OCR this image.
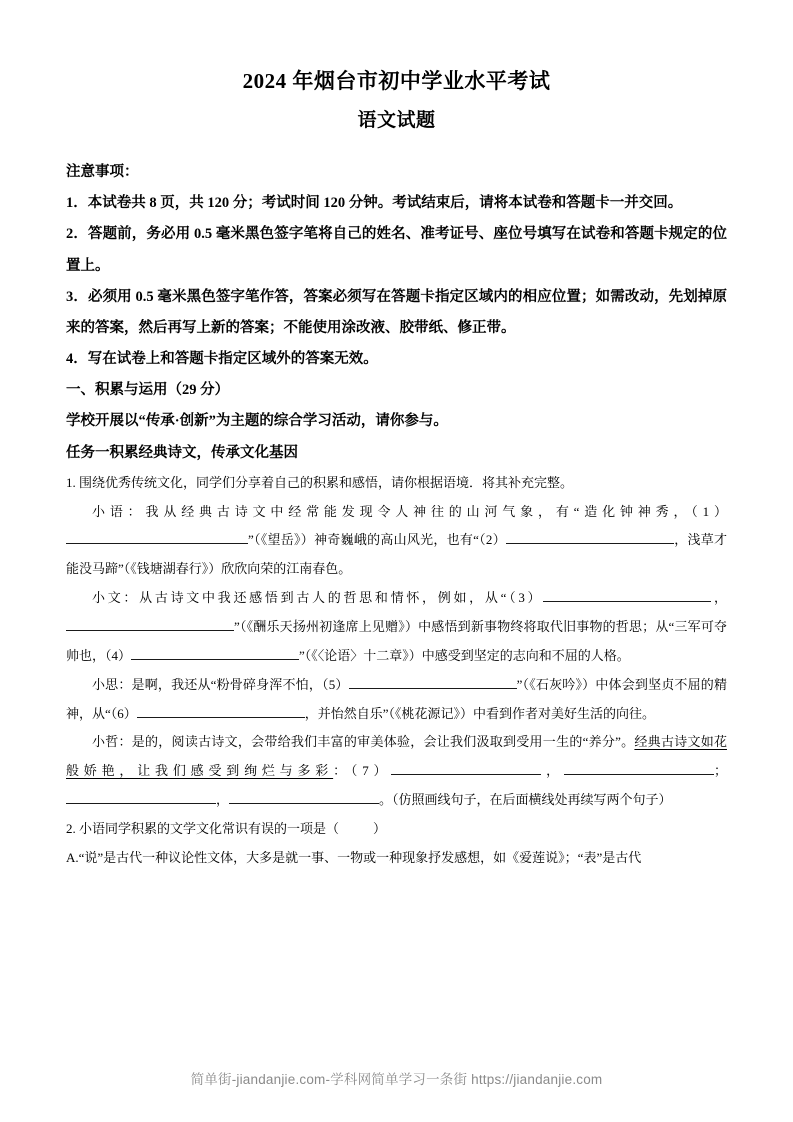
2024 年烟台市初中学业水平考试
语文试题

注意事项：

1．本试卷共 8 页，共 120 分；考试时间 120 分钟。考试结束后，请将本试卷和答题卡一并交回。

2．答题前，务必用 0.5 毫米黑色签字笔将自己的姓名、准考证号、座位号填写在试卷和答题卡规定的位置上。

3．必须用 0.5 毫米黑色签字笔作答，答案必须写在答题卡指定区域内的相应位置；如需改动，先划掉原来的答案，然后再写上新的答案；不能使用涂改液、胶带纸、修正带。

4．写在试卷上和答题卡指定区域外的答案无效。

一、积累与运用（29 分）

学校开展以“传承·创新”为主题的综合学习活动，请你参与。

任务一积累经典诗文，传承文化基因

1. 围绕优秀传统文化，同学们分享着自己的积累和感悟，请你根据语境．将其补充完整。

小语：我从经典古诗文中经常能发现令人神往的山河气象，有“造化钟神秀，（1）”（《望岳》）神奇巍峨的高山风光，也有“（2）	，浅草才能没马蹄”（《钱塘湖春行》）欣欣向荣的江南春色。

小文：从古诗文中我还感悟到古人的哲思和情怀，例如，从“（3）	，”（《酬乐天扬州初逢席上见赠》）中感悟到新事物终将取代旧事物的哲思；从“三军可夺帅也，（4）	”（《〈论语〉十二章》）中感受到坚定的志向和不屈的人格。

小思：是啊，我还从“粉骨碎身浑不怕，（5）	”（《石灰吟》）中体会到坚贞不屈的精神，从“（6）	，并怡然自乐”（《桃花源记》）中看到作者对美好生活的向往。

小哲：是的，阅读古诗文，会带给我们丰富的审美体验，会让我们汲取到受用一生的“养分”。经典古诗文如花般娇艳，让我们感受到绚烂与多彩：（7）	，	；，	。（仿照画线句子，在后面横线处再续写两个句子）

2. 小语同学积累的文学文化常识有误的一项是（	）

A.“说”是古代一种议论性文体，大多是就一事、一物或一种现象抒发感想，如《爱莲说》；“表”是古代

简单街-jiandanjie.com-学科网简单学习一条街 https://jiandanjie.com
